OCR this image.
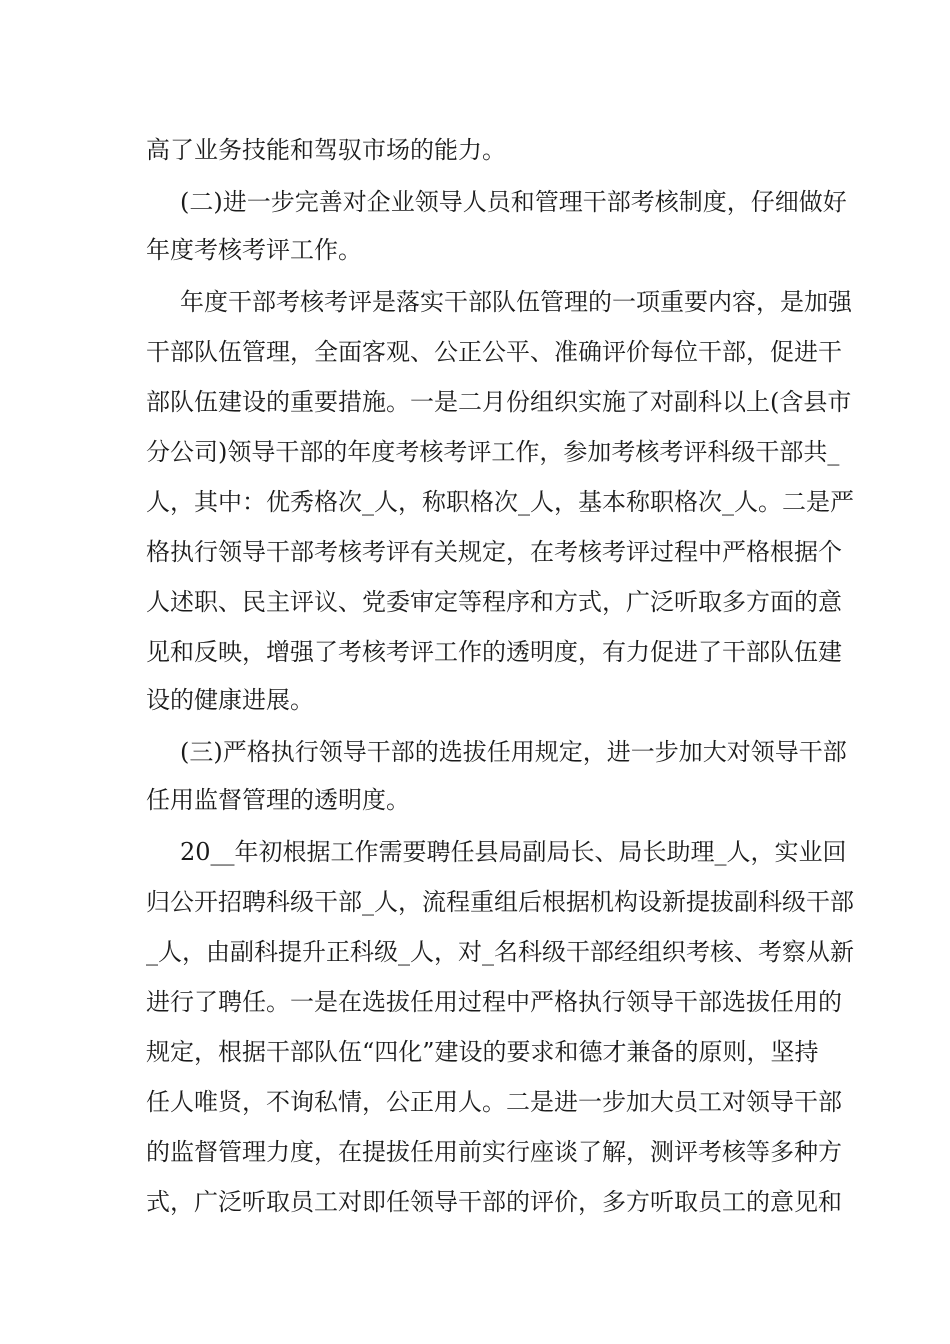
高了业务技能和驾驭市场的能力。
(二)进一步完善对企业领导人员和管理干部考核制度，仔细做好
年度考核考评工作。
年度干部考核考评是落实干部队伍管理的一项重要内容，是加强
干部队伍管理，全面客观、公正公平、准确评价每位干部，促进干
部队伍建设的重要措施。一是二月份组织实施了对副科以上(含县市
分公司)领导干部的年度考核考评工作，参加考核考评科级干部共_
人，其中：优秀格次_人，称职格次_人，基本称职格次_人。二是严
格执行领导干部考核考评有关规定，在考核考评过程中严格根据个
人述职、民主评议、党委审定等程序和方式，广泛听取多方面的意
见和反映，增强了考核考评工作的透明度，有力促进了干部队伍建
设的健康进展。
(三)严格执行领导干部的选拔任用规定，进一步加大对领导干部
任用监督管理的透明度。
20__年初根据工作需要聘任县局副局长、局长助理_人，实业回
归公开招聘科级干部_人，流程重组后根据机构设新提拔副科级干部
_人，由副科提升正科级_人，对_名科级干部经组织考核、考察从新
进行了聘任。一是在选拔任用过程中严格执行领导干部选拔任用的
规定，根据干部队伍“四化”建设的要求和德才兼备的原则，坚持
任人唯贤，不询私情，公正用人。二是进一步加大员工对领导干部
的监督管理力度，在提拔任用前实行座谈了解，测评考核等多种方
式，广泛听取员工对即任领导干部的评价，多方听取员工的意见和
